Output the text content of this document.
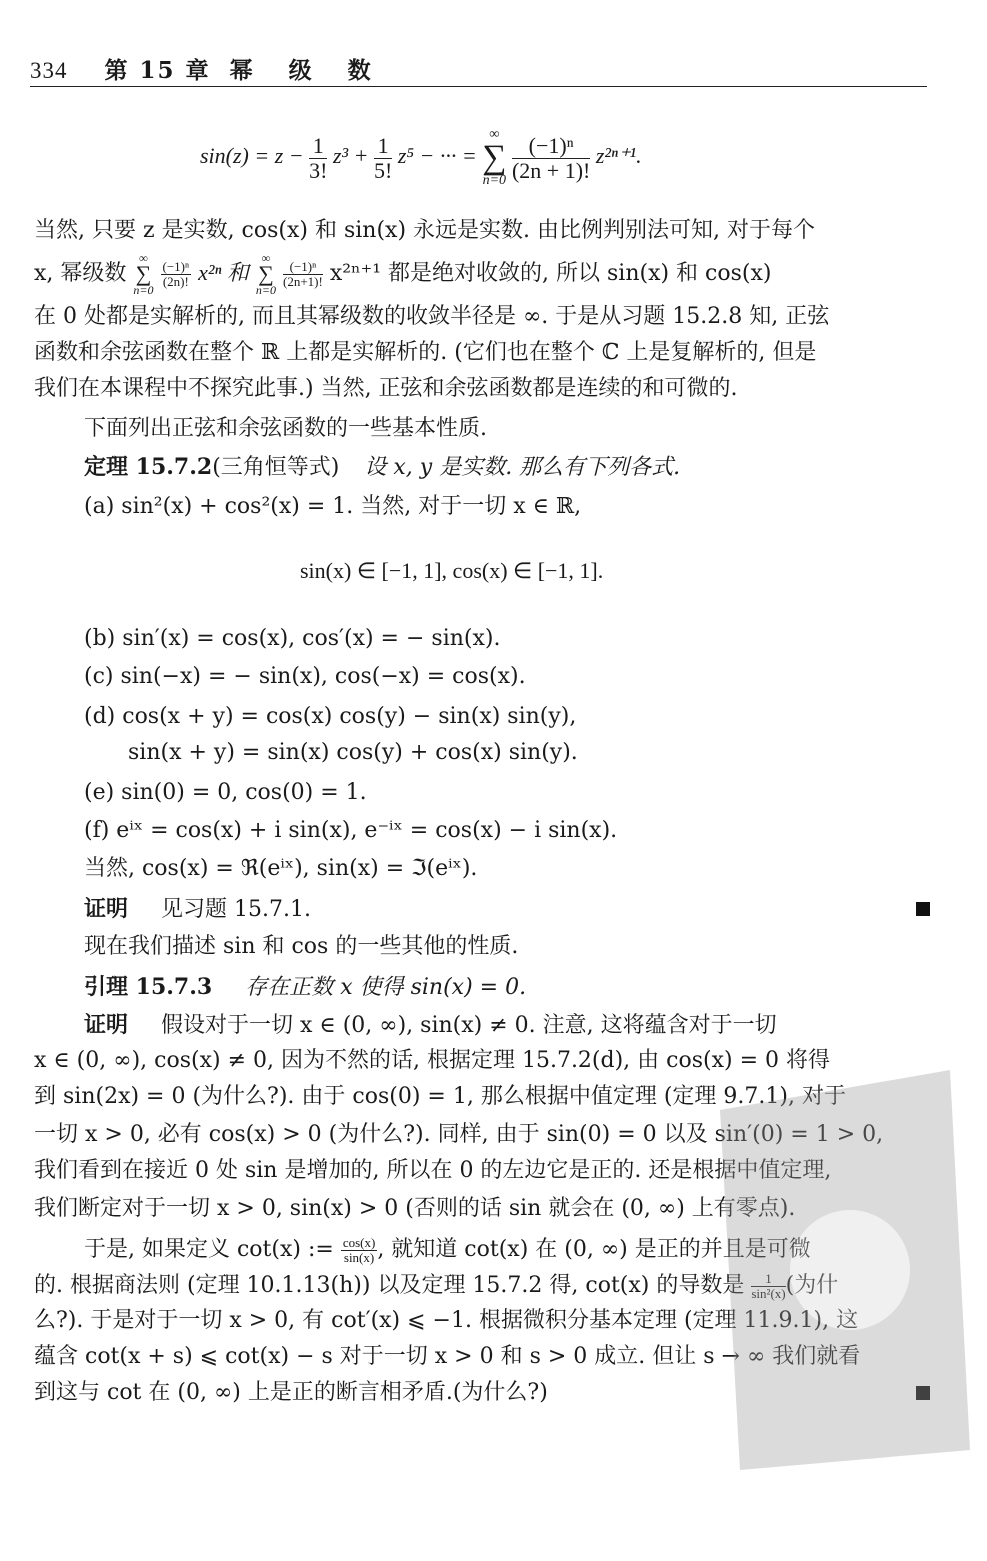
334 第 15 章 幂 级 数
$\sin(z) = z - \frac{1}{3!} z^3 + \frac{1}{5!} z^5$ − ··· =
∞
∑
n=0
$\frac{\text{(−1)ⁿ}}{(2n + 1)!} z^{2n+1}$.
当然, 只要 z 是实数, cos(x) 和 sin(x) 永远是实数. 由比例判别法可知, 对于每个
x, 幂级数
∞
∑
n=0

$\frac{\text{(−1)ⁿ}}{(2n)!} x^{2n}$ 和
∞
∑
n=0

$\frac{\text{(−1)ⁿ}}{(2n+1)!} x^{2n+1}$ 都是绝对收敛的, 所以 sin(x) 和 cos(x)
在 0 处都是实解析的, 而且其幂级数的收敛半径是 ∞. 于是从习题 15.2.8 知, 正弦
函数和余弦函数在整个 ℝ 上都是实解析的. (它们也在整个 ℂ 上是复解析的, 但是
我们在本课程中不探究此事.) 当然, 正弦和余弦函数都是连续的和可微的.
下面列出正弦和余弦函数的一些基本性质.
定理 15.7.2(三角恒等式) 设 x, y 是实数. 那么有下列各式.
(a) sin²(x) + cos²(x) = 1. 当然, 对于一切 x ∈ ℝ,
sin(x) ∈ [−1, 1], cos(x) ∈ [−1, 1].
(b) sin′(x) = cos(x), cos′(x) = − sin(x).
(c) sin(−x) = − sin(x), cos(−x) = cos(x).
(d) cos(x + y) = cos(x) cos(y) − sin(x) sin(y),
sin(x + y) = sin(x) cos(y) + cos(x) sin(y).
(e) sin(0) = 0, cos(0) = 1.
(f) eⁱˣ = cos(x) + i sin(x), e⁻ⁱˣ = cos(x) − i sin(x).
当然, cos(x) = ℜ(eⁱˣ), sin(x) = ℑ(eⁱˣ).
证明 见习题 15.7.1.
现在我们描述 sin 和 cos 的一些其他的性质.
引理 15.7.3 存在正数 x 使得 sin(x) = 0.
证明 假设对于一切 x ∈ (0, ∞), sin(x) ≠ 0. 注意, 这将蕴含对于一切
x ∈ (0, ∞), cos(x) ≠ 0, 因为不然的话, 根据定理 15.7.2(d), 由 cos(x) = 0 将得
到 sin(2x) = 0 (为什么?). 由于 cos(0) = 1, 那么根据中值定理 (定理 9.7.1), 对于
一切 x > 0, 必有 cos(x) > 0 (为什么?). 同样, 由于 sin(0) = 0 以及 sin′(0) = 1 > 0,
我们看到在接近 0 处 sin 是增加的, 所以在 0 的左边它是正的. 还是根据中值定理,
我们断定对于一切 x > 0, sin(x) > 0 (否则的话 sin 就会在 (0, ∞) 上有零点).
于是, 如果定义 cot(x) := $\frac{\cos(x)}{\sin(x)}$ , 就知道 cot(x) 在 (0, ∞) 是正的并且是可微
的. 根据商法则 (定理 10.1.13(h)) 以及定理 15.7.2 得, cot(x) 的导数是 $\frac{1}{\text{sin²(x)}}$ (为什
么?). 于是对于一切 x > 0, 有 cot′(x) ⩽ −1. 根据微积分基本定理 (定理 11.9.1), 这
蕴含 cot(x + s) ⩽ cot(x) − s 对于一切 x > 0 和 s > 0 成立. 但让 s → ∞ 我们就看
到这与 cot 在 (0, ∞) 上是正的断言相矛盾.(为什么?)
